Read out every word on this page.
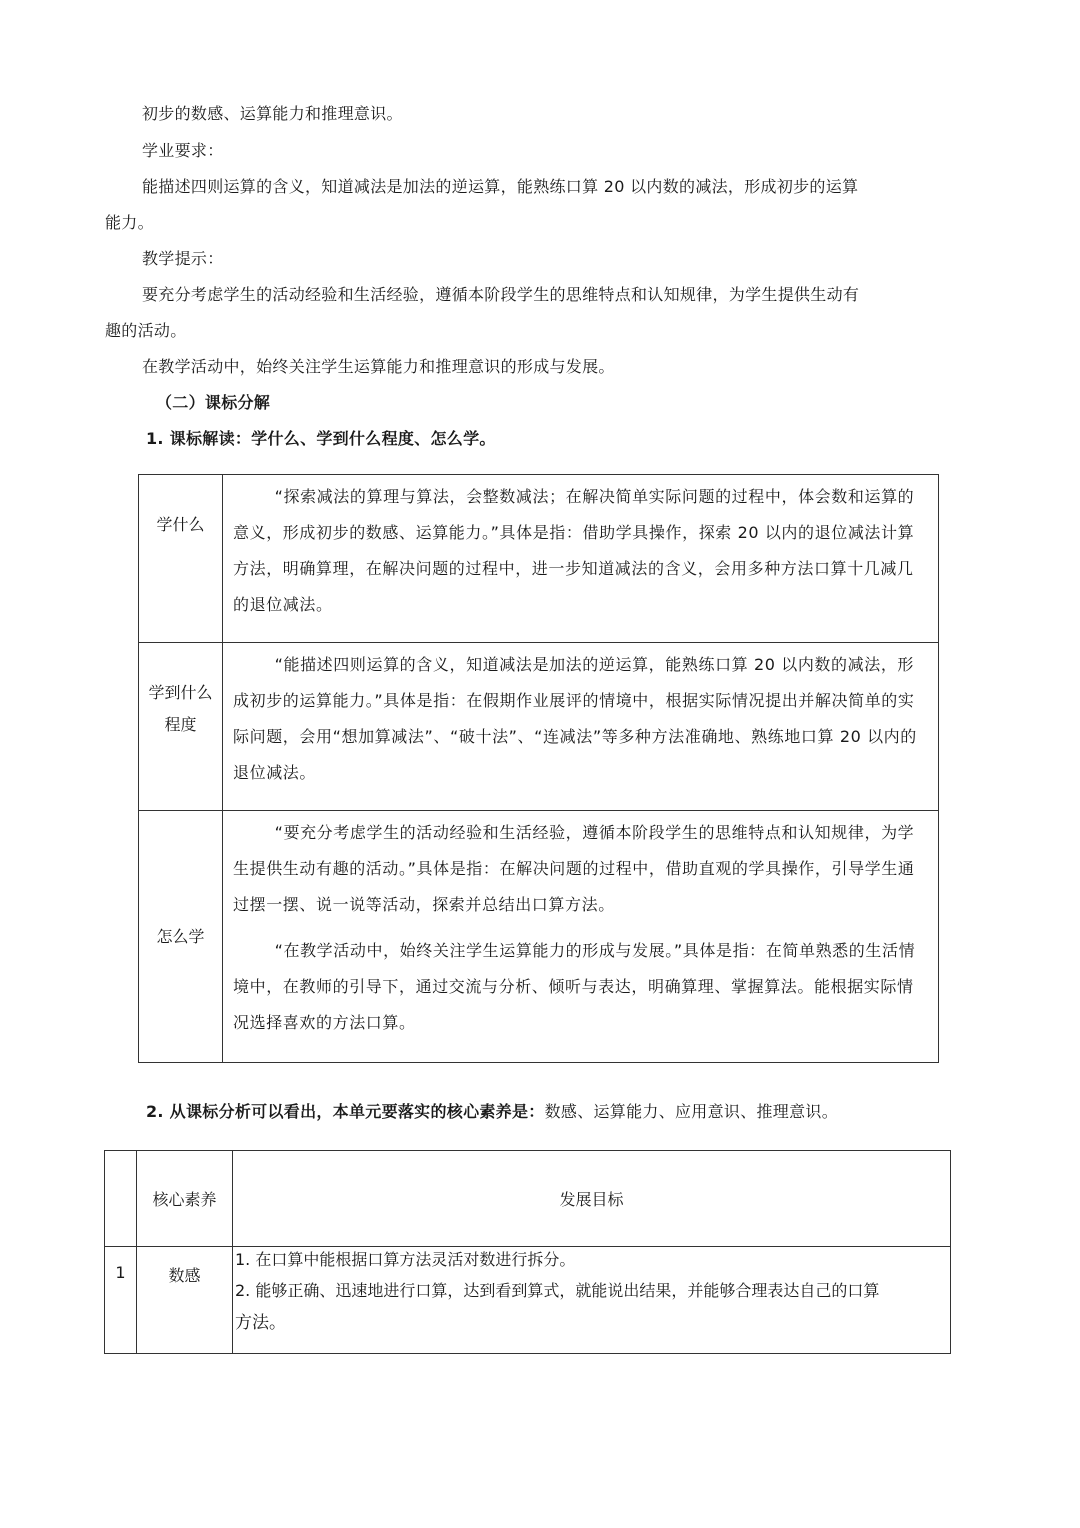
初步的数感、运算能力和推理意识。
学业要求：
能描述四则运算的含义，知道减法是加法的逆运算，能熟练口算 20 以内数的减法，形成初步的运算
能力。
教学提示：
要充分考虑学生的活动经验和生活经验，遵循本阶段学生的思维特点和认知规律，为学生提供生动有
趣的活动。
在教学活动中，始终关注学生运算能力和推理意识的形成与发展。
（二）课标分解
1. 课标解读：学什么、学到什么程度、怎么学。
学什么	“探索减法的算理与算法，会整数减法；在解决简单实际问题的过程中，体会数和运算的意义，形成初步的数感、运算能力。”具体是指：借助学具操作，探索 20 以内的退位减法计算方法，明确算理，在解决问题的过程中，进一步知道减法的含义，会用多种方法口算十几减几的退位减法。

学到什么程度	“能描述四则运算的含义，知道减法是加法的逆运算，能熟练口算 20 以内数的减法，形成初步的运算能力。”具体是指：在假期作业展评的情境中，根据实际情况提出并解决简单的实际问题，会用“想加算减法”、“破十法”、“连减法”等多种方法准确地、熟练地口算 20 以内的退位减法。

怎么学	“要充分考虑学生的活动经验和生活经验，遵循本阶段学生的思维特点和认知规律，为学生提供生动有趣的活动。”具体是指：在解决问题的过程中，借助直观的学具操作，引导学生通过摆一摆、说一说等活动，探索并总结出口算方法。

“在教学活动中，始终关注学生运算能力的形成与发展。”具体是指：在简单熟悉的生活情境中，在教师的引导下，通过交流与分析、倾听与表达，明确算理、掌握算法。能根据实际情况选择喜欢的方法口算。

2. 从课标分析可以看出，本单元要落实的核心素养是：数感、运算能力、应用意识、推理意识。
	核心素养	发展目标
1	数感	1. 在口算中能根据口算方法灵活对数进行拆分。
2. 能够正确、迅速地进行口算，达到看到算式，就能说出结果，并能够合理表达自己的口算
方法。
